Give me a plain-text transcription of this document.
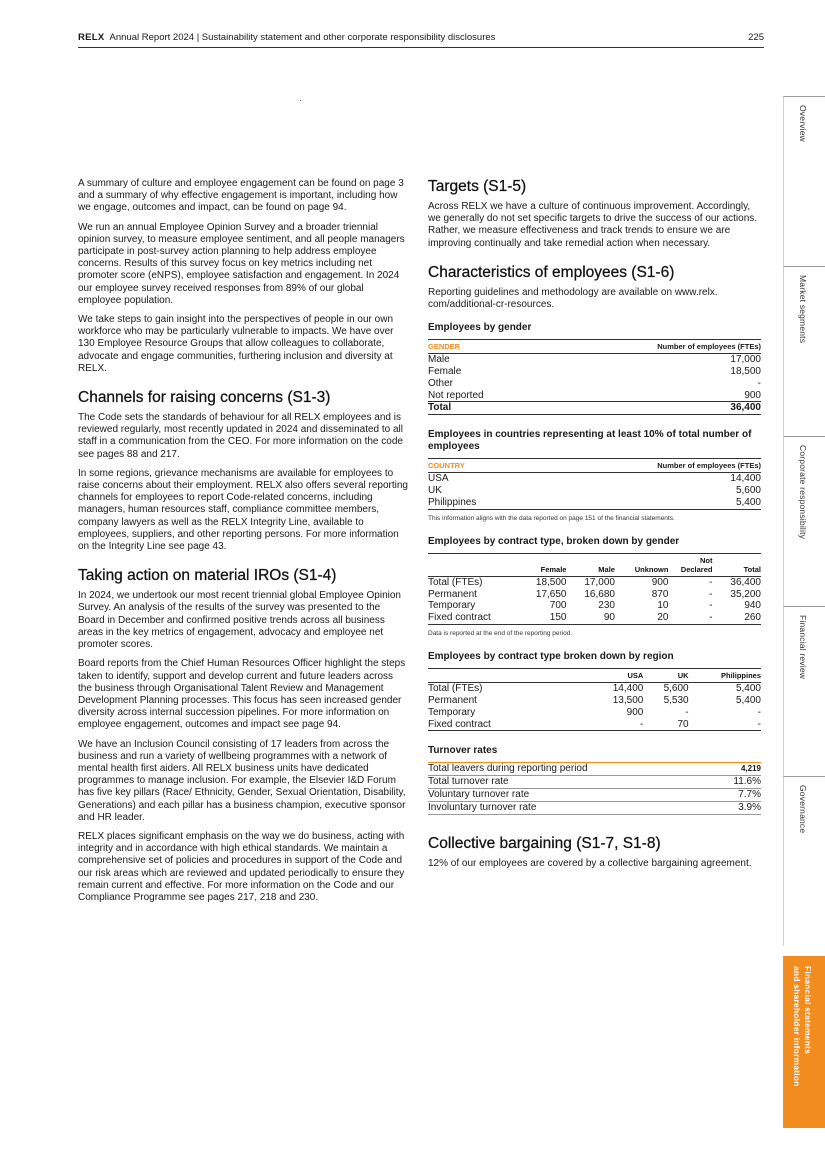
RELX Annual Report 2024 | Sustainability statement and other corporate responsibility disclosures	225
Overview
Market segments
Corporate responsibility
Financial review
Governance
Financial statements
and shareholder information

A summary of culture and employee engagement can be found on page 3 and a summary of why effective engagement is important, including how we engage, outcomes and impact, can be found on page 94.

We run an annual Employee Opinion Survey and a broader triennial opinion survey, to measure employee sentiment, and all people managers participate in post-survey action planning to help address employee concerns. Results of this survey focus on key metrics including net promoter score (eNPS), employee satisfaction and engagement. In 2024 our employee survey received responses from 89% of our global employee population.

We take steps to gain insight into the perspectives of people in our own workforce who may be particularly vulnerable to impacts. We have over 130 Employee Resource Groups that allow colleagues to collaborate, advocate and engage communities, furthering inclusion and diversity at RELX.

Channels for raising concerns (S1-3)

The Code sets the standards of behaviour for all RELX employees and is reviewed regularly, most recently updated in 2024 and disseminated to all staff in a communication from the CEO. For more information on the code see pages 88 and 217.

In some regions, grievance mechanisms are available for employees to raise concerns about their employment. RELX also offers several reporting channels for employees to report Code-related concerns, including managers, human resources staff, compliance committee members, company lawyers as well as the RELX Integrity Line, available to employees, suppliers, and other reporting persons. For more information on the Integrity Line see page 43.

Taking action on material IROs (S1-4)

In 2024, we undertook our most recent triennial global Employee Opinion Survey. An analysis of the results of the survey was presented to the Board in December and confirmed positive trends across all business areas in the key metrics of engagement, advocacy and employee net promoter scores.

Board reports from the Chief Human Resources Officer highlight the steps taken to identify, support and develop current and future leaders across the business through Organisational Talent Review and Management Development Planning processes. This focus has seen increased gender diversity across internal succession pipelines. For more information on employee engagement, outcomes and impact see page 94.

We have an Inclusion Council consisting of 17 leaders from across the business and run a variety of wellbeing programmes with a network of mental health first aiders. All RELX business units have dedicated programmes to manage inclusion. For example, the Elsevier I&D Forum has five key pillars (Race/ Ethnicity, Gender, Sexual Orientation, Disability, Generations) and each pillar has a business champion, executive sponsor and HR leader.

RELX places significant emphasis on the way we do business, acting with integrity and in accordance with high ethical standards. We maintain a comprehensive set of policies and procedures in support of the Code and our risk areas which are reviewed and updated periodically to ensure they remain current and effective. For more information on the Code and our Compliance Programme see pages 217, 218 and 230.

Targets (S1-5)

Across RELX we have a culture of continuous improvement. Accordingly, we generally do not set specific targets to drive the success of our actions. Rather, we measure effectiveness and track trends to ensure we are improving continually and take remedial action when necessary.

Characteristics of employees (S1-6)

Reporting guidelines and methodology are available on www.relx. com/additional-cr-resources.

Employees by gender
GENDER	Number of employees (FTEs)
Male	17,000
Female	18,500
Other	-
Not reported	900
Total	36,400
Employees in countries representing at least 10% of total number of employees
COUNTRY	Number of employees (FTEs)
USA	14,400
UK	5,600
Philippines	5,400

This information aligns with the data reported on page 151 of the financial statements.

Employees by contract type, broken down by gender
	Female	Male	Unknown	Not Declared	Total
Total (FTEs)	18,500	17,000	900	-	36,400
Permanent	17,650	16,680	870	-	35,200
Temporary	700	230	10	-	940
Fixed contract	150	90	20	-	260

Data is reported at the end of the reporting period.

Employees by contract type broken down by region
	USA	UK	Philippines
Total (FTEs)	14,400	5,600	5,400
Permanent	13,500	5,530	5,400
Temporary	900	-	-
Fixed contract	-	70	-
Turnover rates
Total leavers during reporting period	4,219
Total turnover rate	11.6%
Voluntary turnover rate	7.7%
Involuntary turnover rate	3.9%
Collective bargaining (S1-7, S1-8)

12% of our employees are covered by a collective bargaining agreement.
